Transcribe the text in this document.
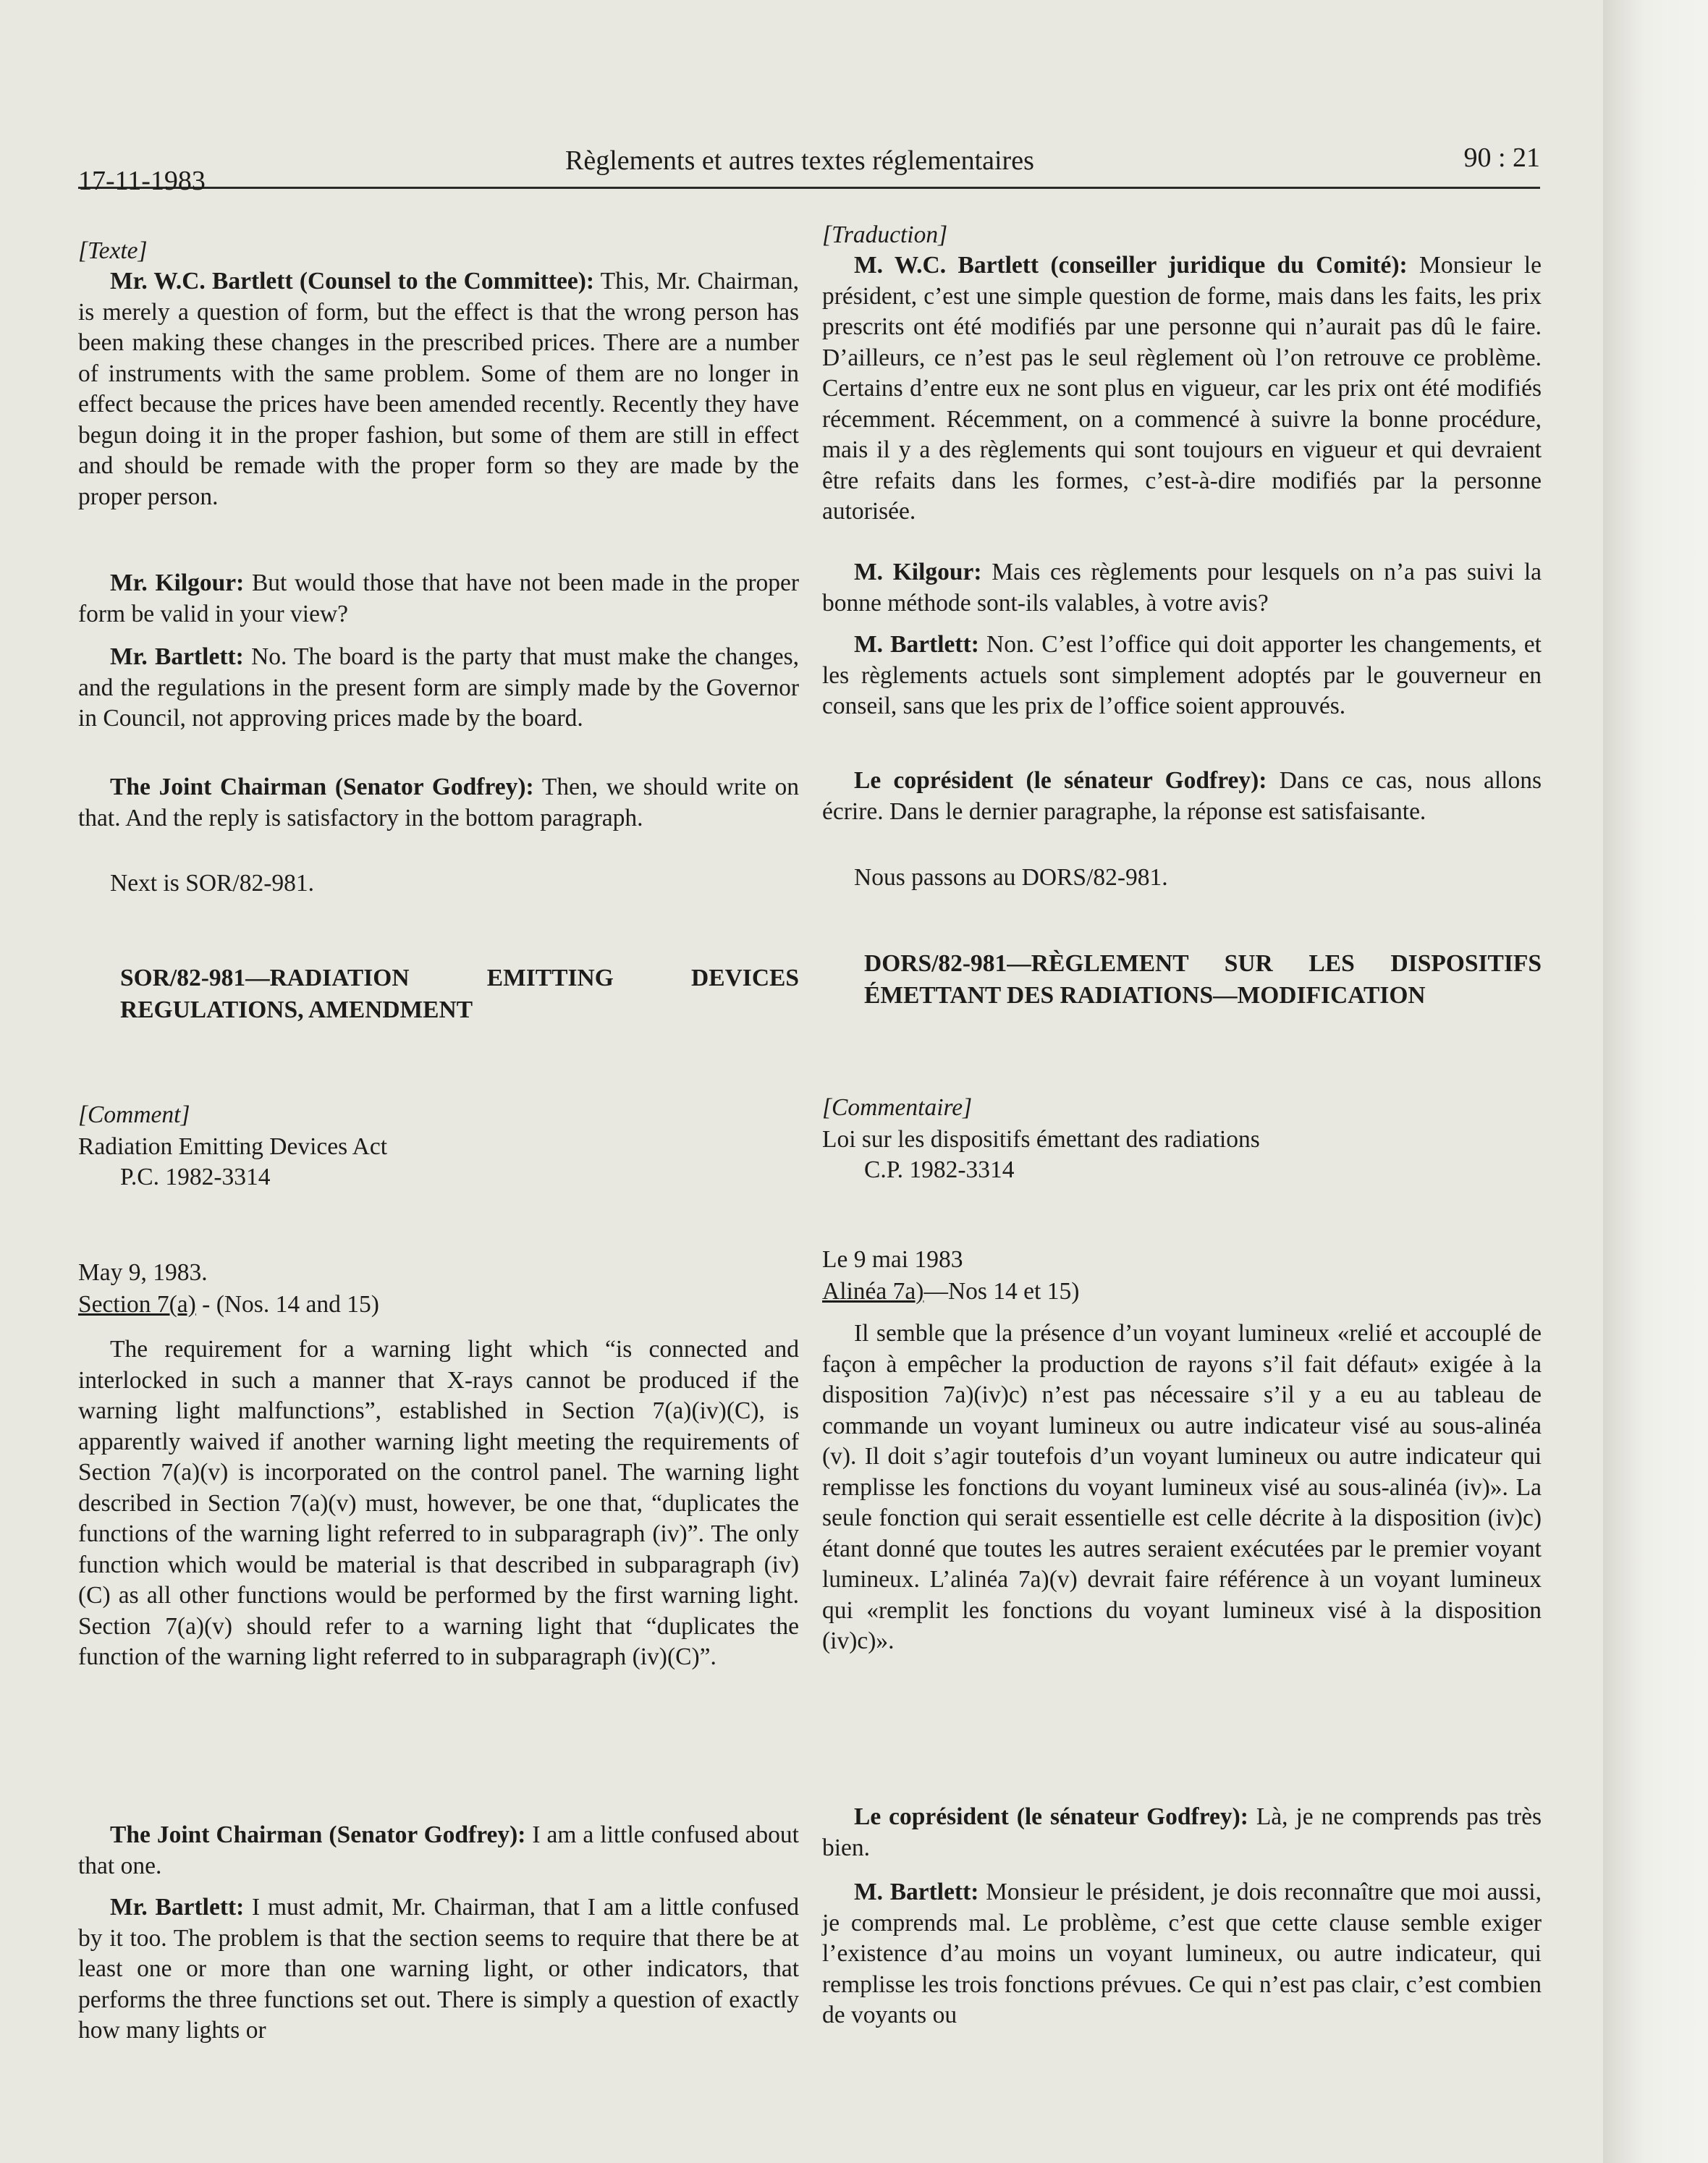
17-11-1983
Règlements et autres textes réglementaires	90 : 21

[Texte]

Mr. W.C. Bartlett (Counsel to the Committee): This, Mr. Chairman, is merely a question of form, but the effect is that the wrong person has been making these changes in the prescribed prices. There are a number of instruments with the same problem. Some of them are no longer in effect because the prices have been amended recently. Recently they have begun doing it in the proper fashion, but some of them are still in effect and should be remade with the proper form so they are made by the proper person.

Mr. Kilgour: But would those that have not been made in the proper form be valid in your view?

Mr. Bartlett: No. The board is the party that must make the changes, and the regulations in the present form are simply made by the Governor in Council, not approving prices made by the board.

The Joint Chairman (Senator Godfrey): Then, we should write on that. And the reply is satisfactory in the bottom paragraph.

Next is SOR/82-981.

SOR/82-981—RADIATION EMITTING DEVICES REGULATIONS, AMENDMENT

[Comment]

Radiation Emitting Devices Act

P.C. 1982-3314

May 9, 1983.

Section 7(a) - (Nos. 14 and 15)

The requirement for a warning light which “is connected and interlocked in such a manner that X-rays cannot be produced if the warning light malfunctions”, established in Section 7(a)(iv)(C), is apparently waived if another warning light meeting the requirements of Section 7(a)(v) is incorporated on the control panel. The warning light described in Section 7(a)(v) must, however, be one that, “duplicates the functions of the warning light referred to in subparagraph (iv)”. The only function which would be material is that described in subparagraph (iv)(C) as all other functions would be performed by the first warning light. Section 7(a)(v) should refer to a warning light that “duplicates the function of the warning light referred to in subparagraph (iv)(C)”.

The Joint Chairman (Senator Godfrey): I am a little confused about that one.

Mr. Bartlett: I must admit, Mr. Chairman, that I am a little confused by it too. The problem is that the section seems to require that there be at least one or more than one warning light, or other indicators, that performs the three functions set out. There is simply a question of exactly how many lights or

[Traduction]

M. W.C. Bartlett (conseiller juridique du Comité): Monsieur le président, c’est une simple question de forme, mais dans les faits, les prix prescrits ont été modifiés par une personne qui n’aurait pas dû le faire. D’ailleurs, ce n’est pas le seul règlement où l’on retrouve ce problème. Certains d’entre eux ne sont plus en vigueur, car les prix ont été modifiés récemment. Récemment, on a commencé à suivre la bonne procédure, mais il y a des règlements qui sont toujours en vigueur et qui devraient être refaits dans les formes, c’est-à-dire modifiés par la personne autorisée.

M. Kilgour: Mais ces règlements pour lesquels on n’a pas suivi la bonne méthode sont-ils valables, à votre avis?

M. Bartlett: Non. C’est l’office qui doit apporter les changements, et les règlements actuels sont simplement adoptés par le gouverneur en conseil, sans que les prix de l’office soient approuvés.

Le coprésident (le sénateur Godfrey): Dans ce cas, nous allons écrire. Dans le dernier paragraphe, la réponse est satisfaisante.

Nous passons au DORS/82-981.

DORS/82-981—RÈGLEMENT SUR LES DISPOSITIFS ÉMETTANT DES RADIATIONS—MODIFICATION

[Commentaire]

Loi sur les dispositifs émettant des radiations

C.P. 1982-3314

Le 9 mai 1983

Alinéa 7a)—Nos 14 et 15)

Il semble que la présence d’un voyant lumineux «relié et accouplé de façon à empêcher la production de rayons s’il fait défaut» exigée à la disposition 7a)(iv)c) n’est pas nécessaire s’il y a eu au tableau de commande un voyant lumineux ou autre indicateur visé au sous-alinéa (v). Il doit s’agir toutefois d’un voyant lumineux ou autre indicateur qui remplisse les fonctions du voyant lumineux visé au sous-alinéa (iv)». La seule fonction qui serait essentielle est celle décrite à la disposition (iv)c) étant donné que toutes les autres seraient exécutées par le premier voyant lumineux. L’alinéa 7a)(v) devrait faire référence à un voyant lumineux qui «remplit les fonctions du voyant lumineux visé à la disposition (iv)c)».

Le coprésident (le sénateur Godfrey): Là, je ne comprends pas très bien.

M. Bartlett: Monsieur le président, je dois reconnaître que moi aussi, je comprends mal. Le problème, c’est que cette clause semble exiger l’existence d’au moins un voyant lumineux, ou autre indicateur, qui remplisse les trois fonctions prévues. Ce qui n’est pas clair, c’est combien de voyants ou
